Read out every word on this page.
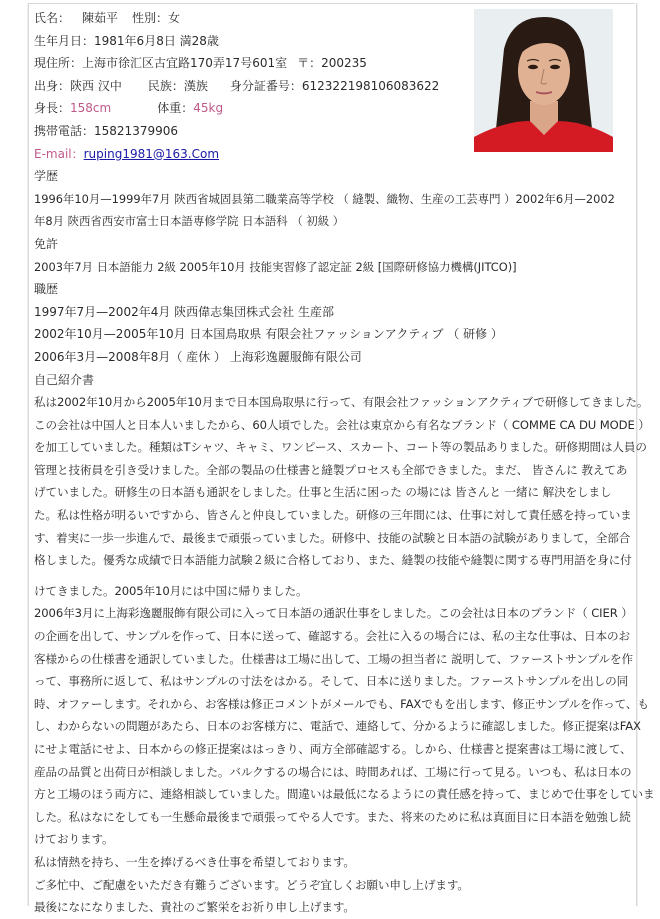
氏名： 陳茹平 性別：女
生年月日：1981年6月8日 満28歳
現住所：上海市徐汇区古宜路170弄17号601室 〒：200235
出身：陝西 汉中 民族：漢族 身分証番号：612322198106083622
身長：158cm	体重：45kg
携帯電話：15821379906
E-mail：ruping1981@163.Com
学歴
1996年10月—1999年7月 陝西省城固县第二職業高等学校 （ 縫製、織物、生産の工芸専門 ）2002年6月—2002
年8月 陝西省西安市富士日本語専修学院 日本語科 （ 初級 ）
免許
2003年7月 日本語能力 2級 2005年10月 技能実習修了認定証 2級 [国際研修協力機構(JITCO)]
職歴
1997年7月—2002年4月 陝西偉志集団株式会社 生産部
2002年10月—2005年10月 日本国鳥取県 有限会社ファッションアクティブ （ 研修 ）
2006年3月—2008年8月（ 産休 ） 上海彩逸麗服飾有限公司
自己紹介書
私は2002年10月から2005年10月まで日本国鳥取県に行って、有限会社ファッションアクティブで研修してきました。
この会社は中国人と日本人いましたから、60人頃でした。会社は東京から有名なブランド（ COMME CA DU MODE ）
を加工していました。種類はTシャツ、キャミ、ワンピース、スカート、コート等の製品ありました。研修期間は人員の
管理と技術員を引き受けました。全部の製品の仕様書と縫製プロセスも全部できました。まだ、 皆さんに 教えてあ
げていました。研修生の日本語も通訳をしました。仕事と生活に困った の場には 皆さんと 一緒に 解決をしまし
た。私は性格が明るいですから、皆さんと仲良していました。研修の三年間には、仕事に対して責任感を持っていま
す、着実に一歩一歩進んで、最後まで頑張っていました。研修中、技能の試験と日本語の試験がありまして，全部合
格しました。優秀な成績で日本語能力試験２級に合格しており、また、縫製の技能や縫製に関する専門用語を身に付
けてきました。2005年10月には中国に帰りました。
2006年3月に上海彩逸麗服飾有限公司に入って日本語の通訳仕事をしました。この会社は日本のブランド（ CIER ）
の企画を出して、サンプルを作って、日本に送って、確認する。会社に入るの場合には、私の主な仕事は、日本のお
客様からの仕様書を通訳していました。仕様書は工場に出して、工場の担当者に 説明して、ファーストサンプルを作
って、事務所に返して、私はサンプルの寸法をはかる。そして、日本に送りました。ファーストサンプルを出しの同
時、オファーします。それから、お客様は修正コメントがメールでも、FAXでもを出します、修正サンプルを作って、も
し、わからないの問題があたら、日本のお客様方に、電話で、連絡して、分かるように確認しました。修正提案はFAX
にせよ電話にせよ、日本からの修正提案ははっきり、両方全部確認する。しから、仕様書と提案書は工場に渡して、
産品の品質と出荷日が相談しました。バルクするの場合には、時間あれば、工場に行って見る。いつも、私は日本の
方と工場のほう両方に、連絡相談していました。間違いは最低になるようにの責任感を持って、まじめで仕事をしていま
した。私はなにをしても一生懸命最後まで頑張ってやる人です。また、将来のために私は真面目に日本語を勉強し続
けております。
私は情熱を持ち、一生を捧げるべき仕事を希望しております。
ご多忙中、ご配慮をいただき有難うございます。どうぞ宜しくお願い申し上げます。
最後になになりました、貴社のご繁栄をお祈り申し上げます。
